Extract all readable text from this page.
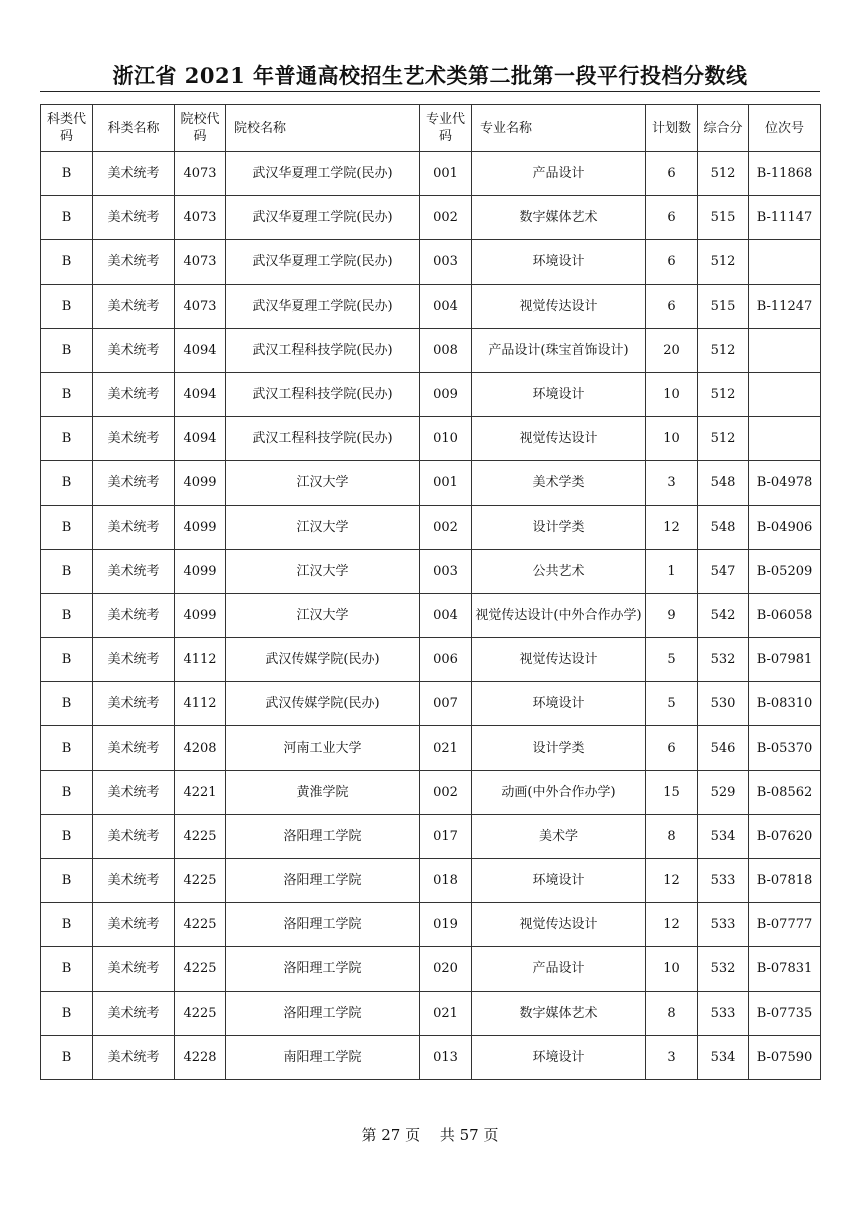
浙江省 2021 年普通高校招生艺术类第二批第一段平行投档分数线
科类代码	科类名称	院校代码	院校名称	专业代码	专业名称	计划数	综合分	位次号
B	美术统考	4073	武汉华夏理工学院(民办)	001	产品设计	6	512	B-11868
B	美术统考	4073	武汉华夏理工学院(民办)	002	数字媒体艺术	6	515	B-11147
B	美术统考	4073	武汉华夏理工学院(民办)	003	环境设计	6	512	
B	美术统考	4073	武汉华夏理工学院(民办)	004	视觉传达设计	6	515	B-11247
B	美术统考	4094	武汉工程科技学院(民办)	008	产品设计(珠宝首饰设计)	20	512	
B	美术统考	4094	武汉工程科技学院(民办)	009	环境设计	10	512	
B	美术统考	4094	武汉工程科技学院(民办)	010	视觉传达设计	10	512	
B	美术统考	4099	江汉大学	001	美术学类	3	548	B-04978
B	美术统考	4099	江汉大学	002	设计学类	12	548	B-04906
B	美术统考	4099	江汉大学	003	公共艺术	1	547	B-05209
B	美术统考	4099	江汉大学	004	视觉传达设计(中外合作办学)	9	542	B-06058
B	美术统考	4112	武汉传媒学院(民办)	006	视觉传达设计	5	532	B-07981
B	美术统考	4112	武汉传媒学院(民办)	007	环境设计	5	530	B-08310
B	美术统考	4208	河南工业大学	021	设计学类	6	546	B-05370
B	美术统考	4221	黄淮学院	002	动画(中外合作办学)	15	529	B-08562
B	美术统考	4225	洛阳理工学院	017	美术学	8	534	B-07620
B	美术统考	4225	洛阳理工学院	018	环境设计	12	533	B-07818
B	美术统考	4225	洛阳理工学院	019	视觉传达设计	12	533	B-07777
B	美术统考	4225	洛阳理工学院	020	产品设计	10	532	B-07831
B	美术统考	4225	洛阳理工学院	021	数字媒体艺术	8	533	B-07735
B	美术统考	4228	南阳理工学院	013	环境设计	3	534	B-07590
第 27 页　 共 57 页
